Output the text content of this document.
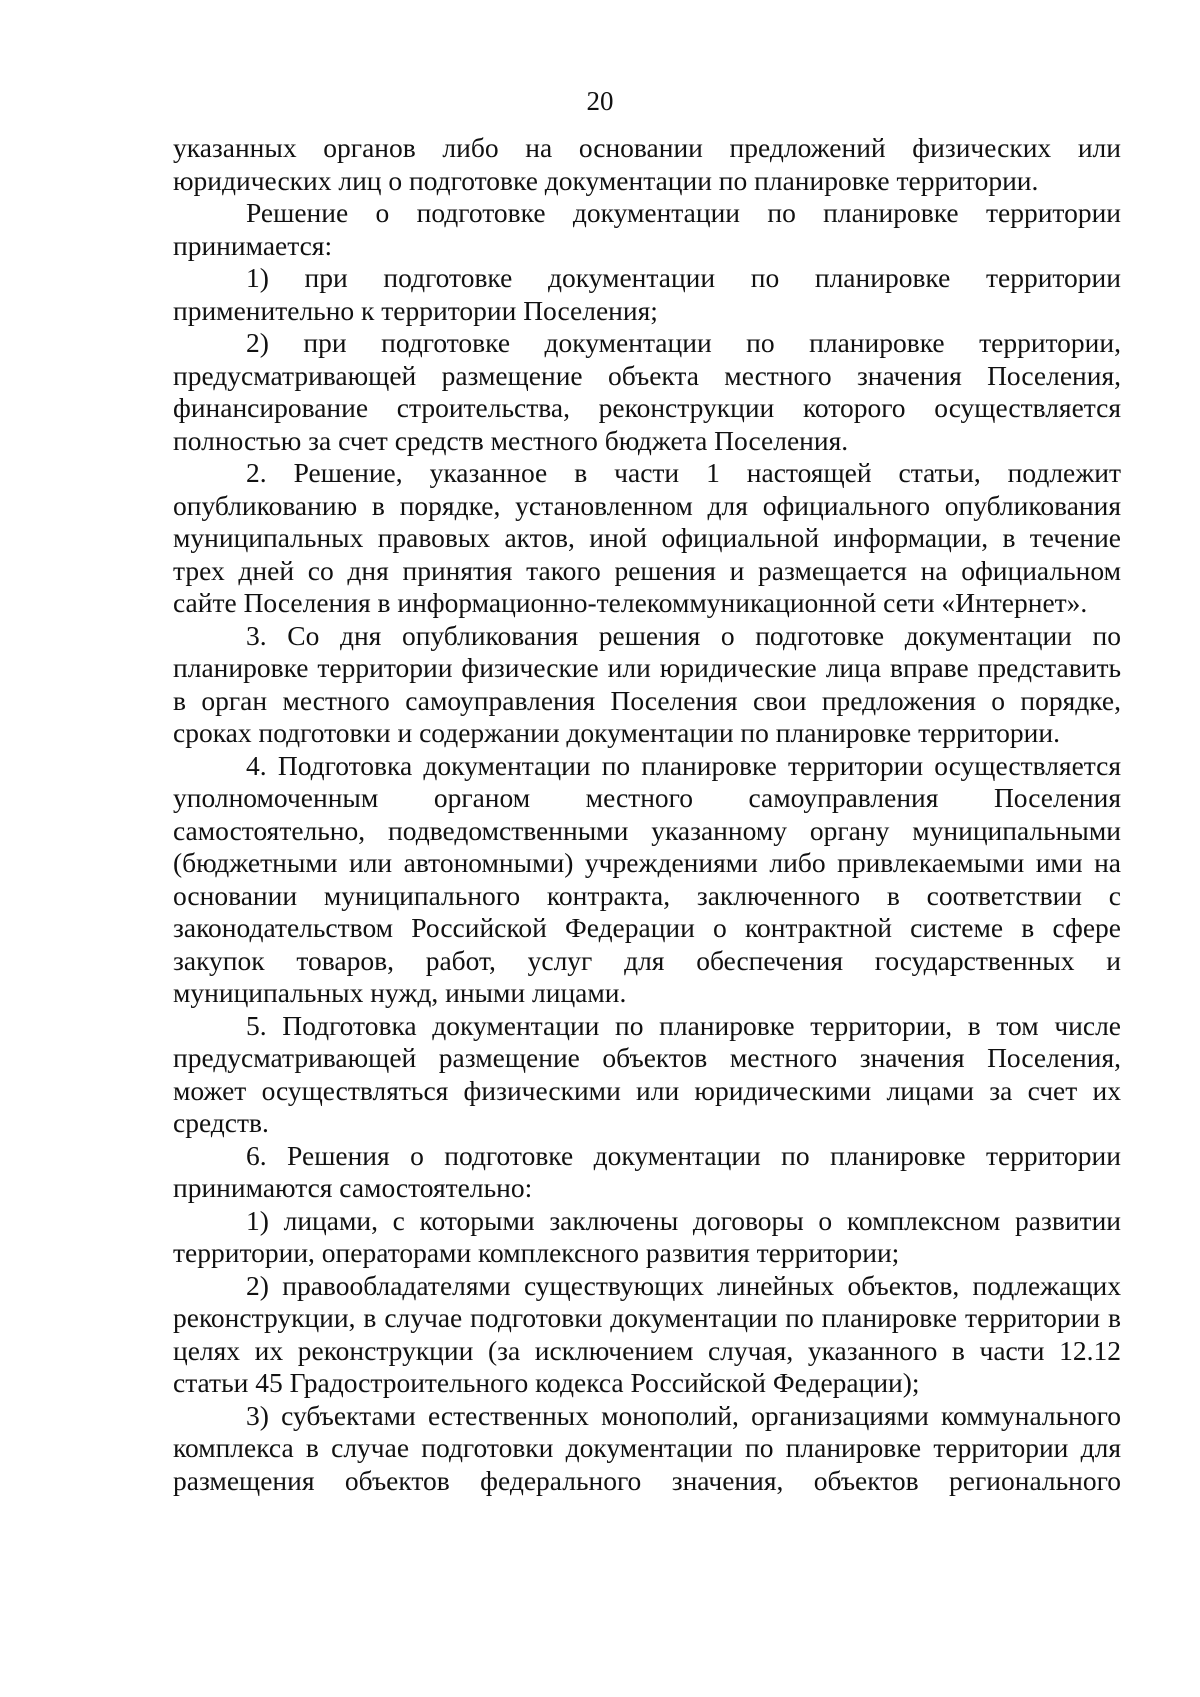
20

указанных органов либо на основании предложений физических или юридических лиц о подготовке документации по планировке территории.

Решение о подготовке документации по планировке территории принимается:

1) при подготовке документации по планировке территории применительно к территории Поселения;

2) при подготовке документации по планировке территории, предусматривающей размещение объекта местного значения Поселения, финансирование строительства, реконструкции которого осуществляется полностью за счет средств местного бюджета Поселения.

2. Решение, указанное в части 1 настоящей статьи, подлежит опубликованию в порядке, установленном для официального опубликования муниципальных правовых актов, иной официальной информации, в течение трех дней со дня принятия такого решения и размещается на официальном сайте Поселения в информационно-телекоммуникационной сети «Интернет».

3. Со дня опубликования решения о подготовке документации по планировке территории физические или юридические лица вправе представить в орган местного самоуправления Поселения свои предложения о порядке, сроках подготовки и содержании документации по планировке территории.

4. Подготовка документации по планировке территории осуществляется уполномоченным органом местного самоуправления Поселения самостоятельно, подведомственными указанному органу муниципальными (бюджетными или автономными) учреждениями либо привлекаемыми ими на основании муниципального контракта, заключенного в соответствии с законодательством Российской Федерации о контрактной системе в сфере закупок товаров, работ, услуг для обеспечения государственных и муниципальных нужд, иными лицами.

5. Подготовка документации по планировке территории, в том числе предусматривающей размещение объектов местного значения Поселения, может осуществляться физическими или юридическими лицами за счет их средств.

6. Решения о подготовке документации по планировке территории принимаются самостоятельно:

1) лицами, с которыми заключены договоры о комплексном развитии территории, операторами комплексного развития территории;

2) правообладателями существующих линейных объектов, подлежащих реконструкции, в случае подготовки документации по планировке территории в целях их реконструкции (за исключением случая, указанного в части 12.12 статьи 45 Градостроительного кодекса Российской Федерации);

3) субъектами естественных монополий, организациями коммунального комплекса в случае подготовки документации по планировке территории для размещения объектов федерального значения, объектов регионального
